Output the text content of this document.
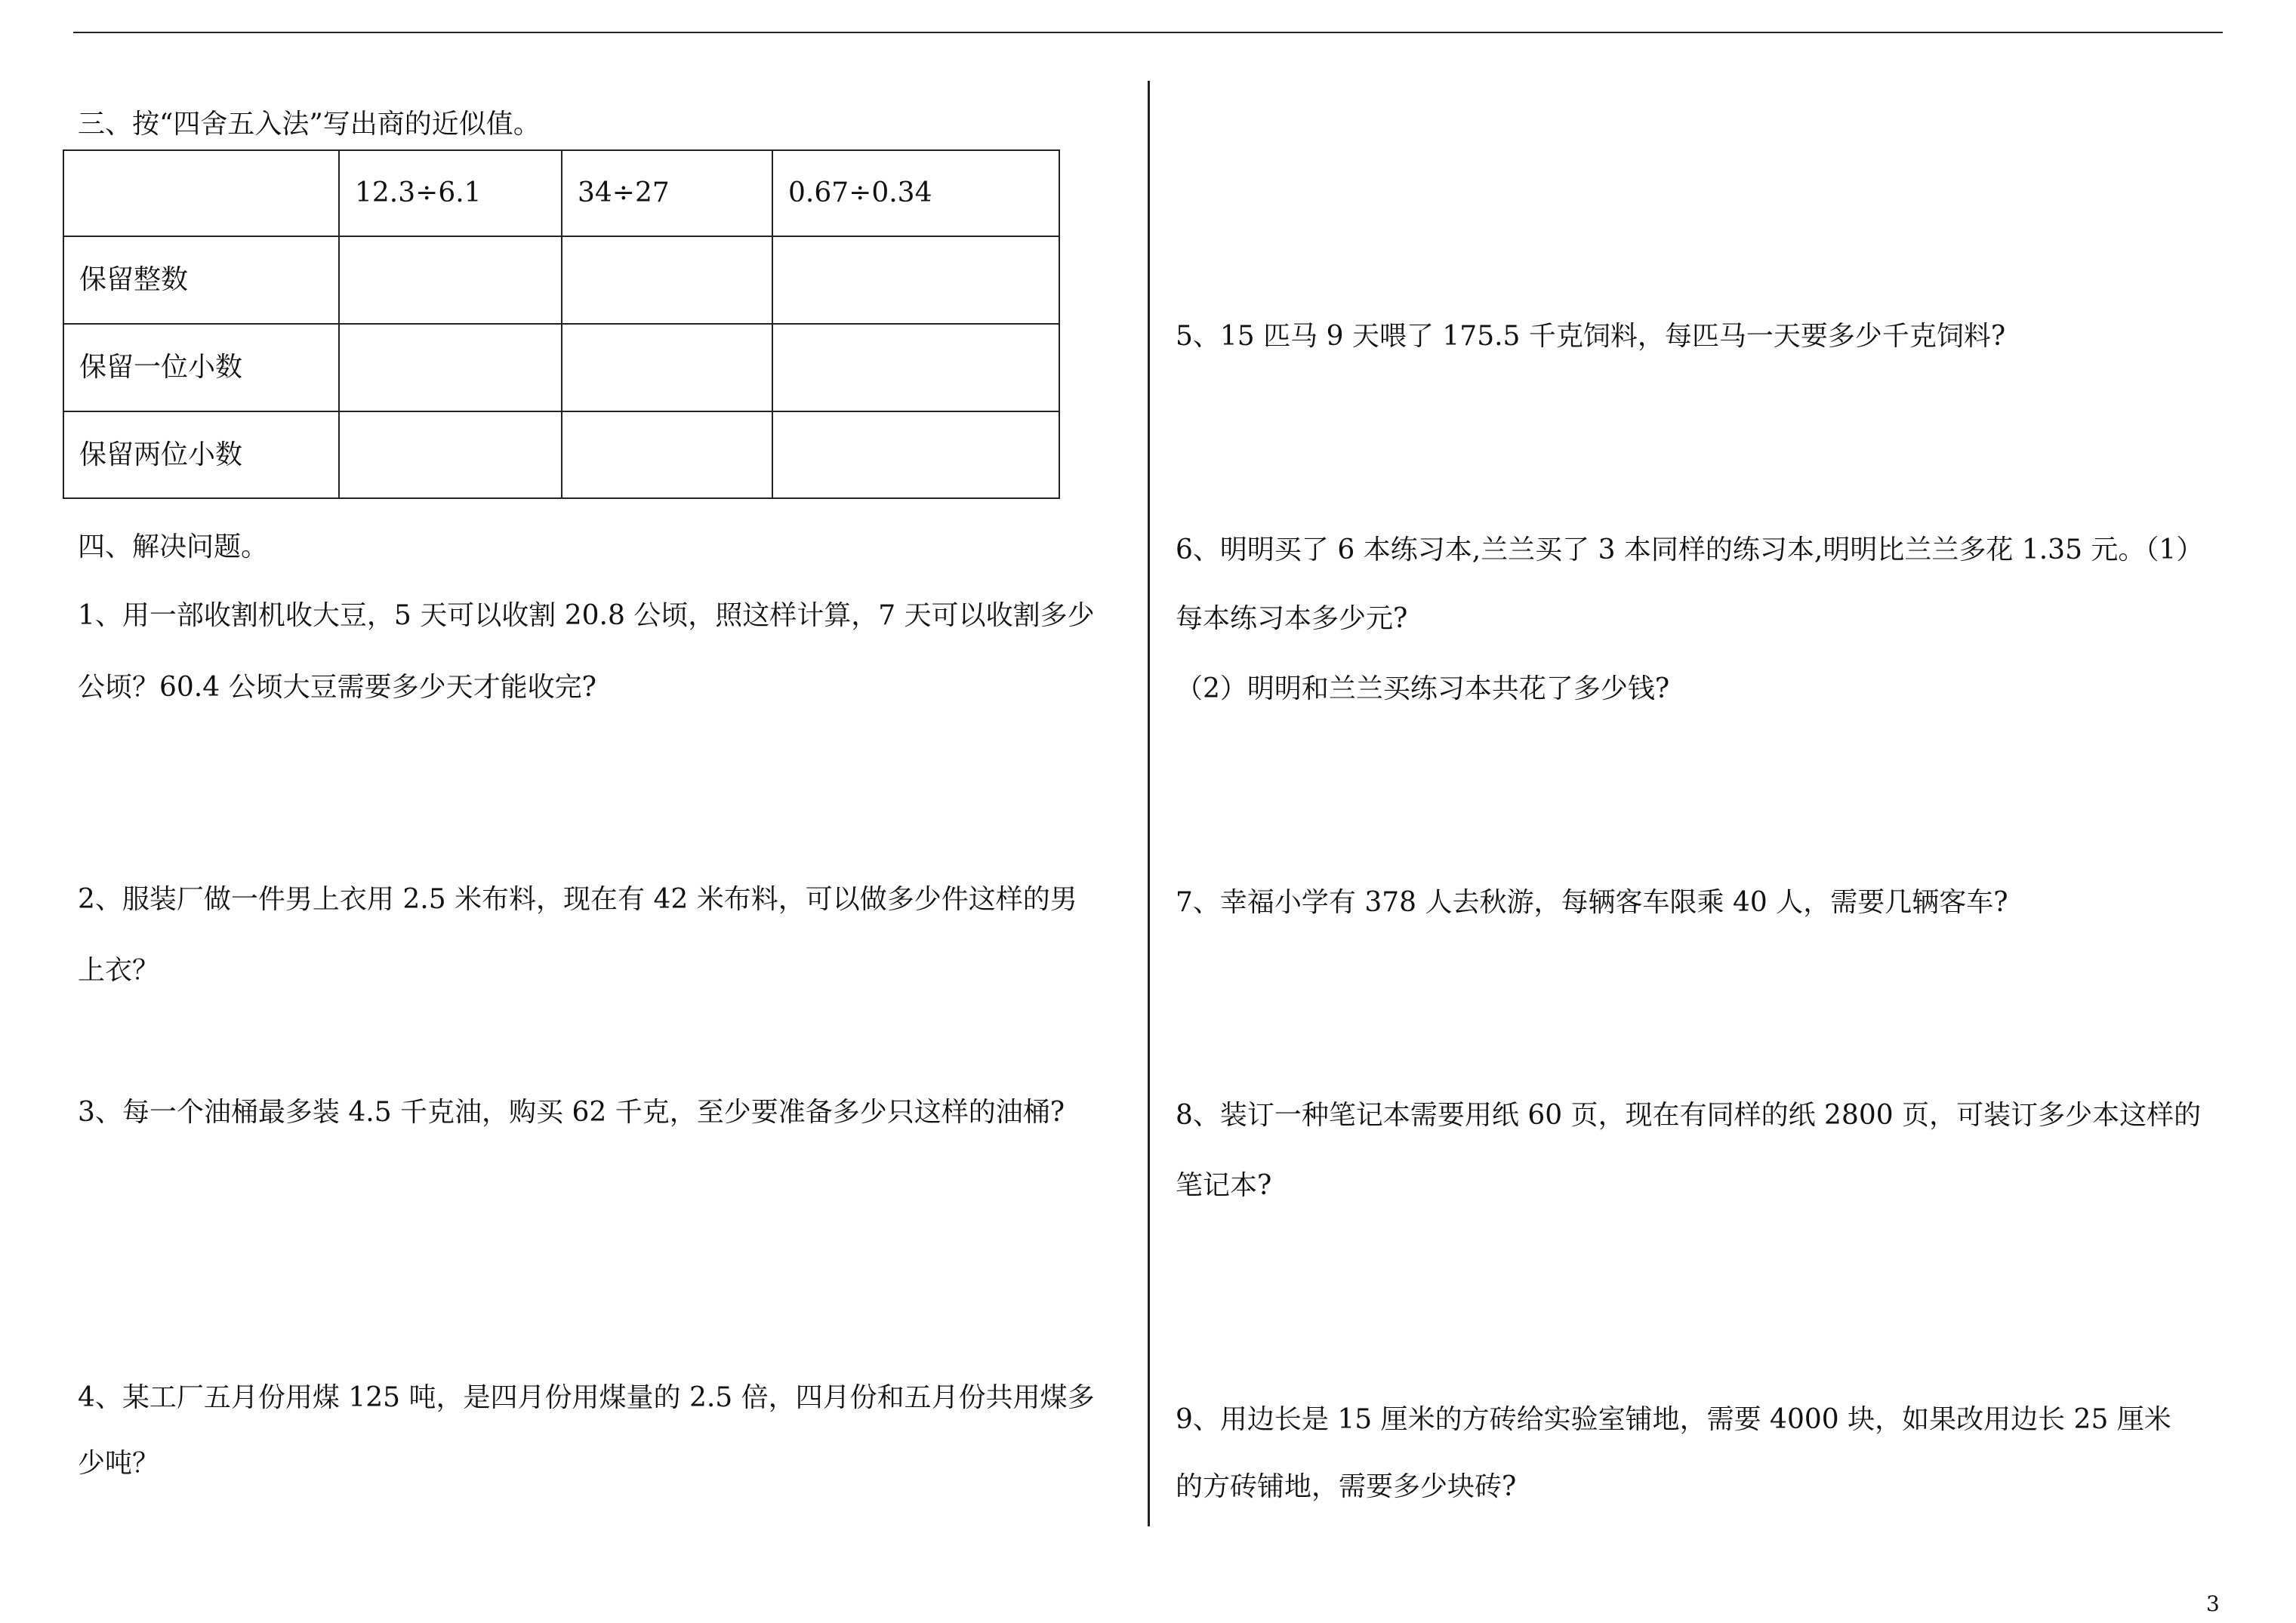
三、按“四舍五入法”写出商的近似值。
	12.3÷6.1	34÷27	0.67÷0.34
保留整数			
保留一位小数			
保留两位小数			
四、解决问题。
1、用一部收割机收大豆，5 天可以收割 20.8 公顷，照这样计算，7 天可以收割多少
公顷？60.4 公顷大豆需要多少天才能收完?
2、服装厂做一件男上衣用 2.5 米布料，现在有 42 米布料，可以做多少件这样的男
上衣？
3、每一个油桶最多装 4.5 千克油，购买 62 千克，至少要准备多少只这样的油桶?
4、某工厂五月份用煤 125 吨，是四月份用煤量的 2.5 倍，四月份和五月份共用煤多
少吨？
5、15 匹马 9 天喂了 175.5 千克饲料，每匹马一天要多少千克饲料?
6、明明买了 6 本练习本,兰兰买了 3 本同样的练习本,明明比兰兰多花 1.35 元。（1）
每本练习本多少元?
（2）明明和兰兰买练习本共花了多少钱?
7、幸福小学有 378 人去秋游，每辆客车限乘 40 人，需要几辆客车?
8、装订一种笔记本需要用纸 60 页，现在有同样的纸 2800 页，可装订多少本这样的
笔记本?
9、用边长是 15 厘米的方砖给实验室铺地，需要 4000 块，如果改用边长 25 厘米
的方砖铺地，需要多少块砖?
3
